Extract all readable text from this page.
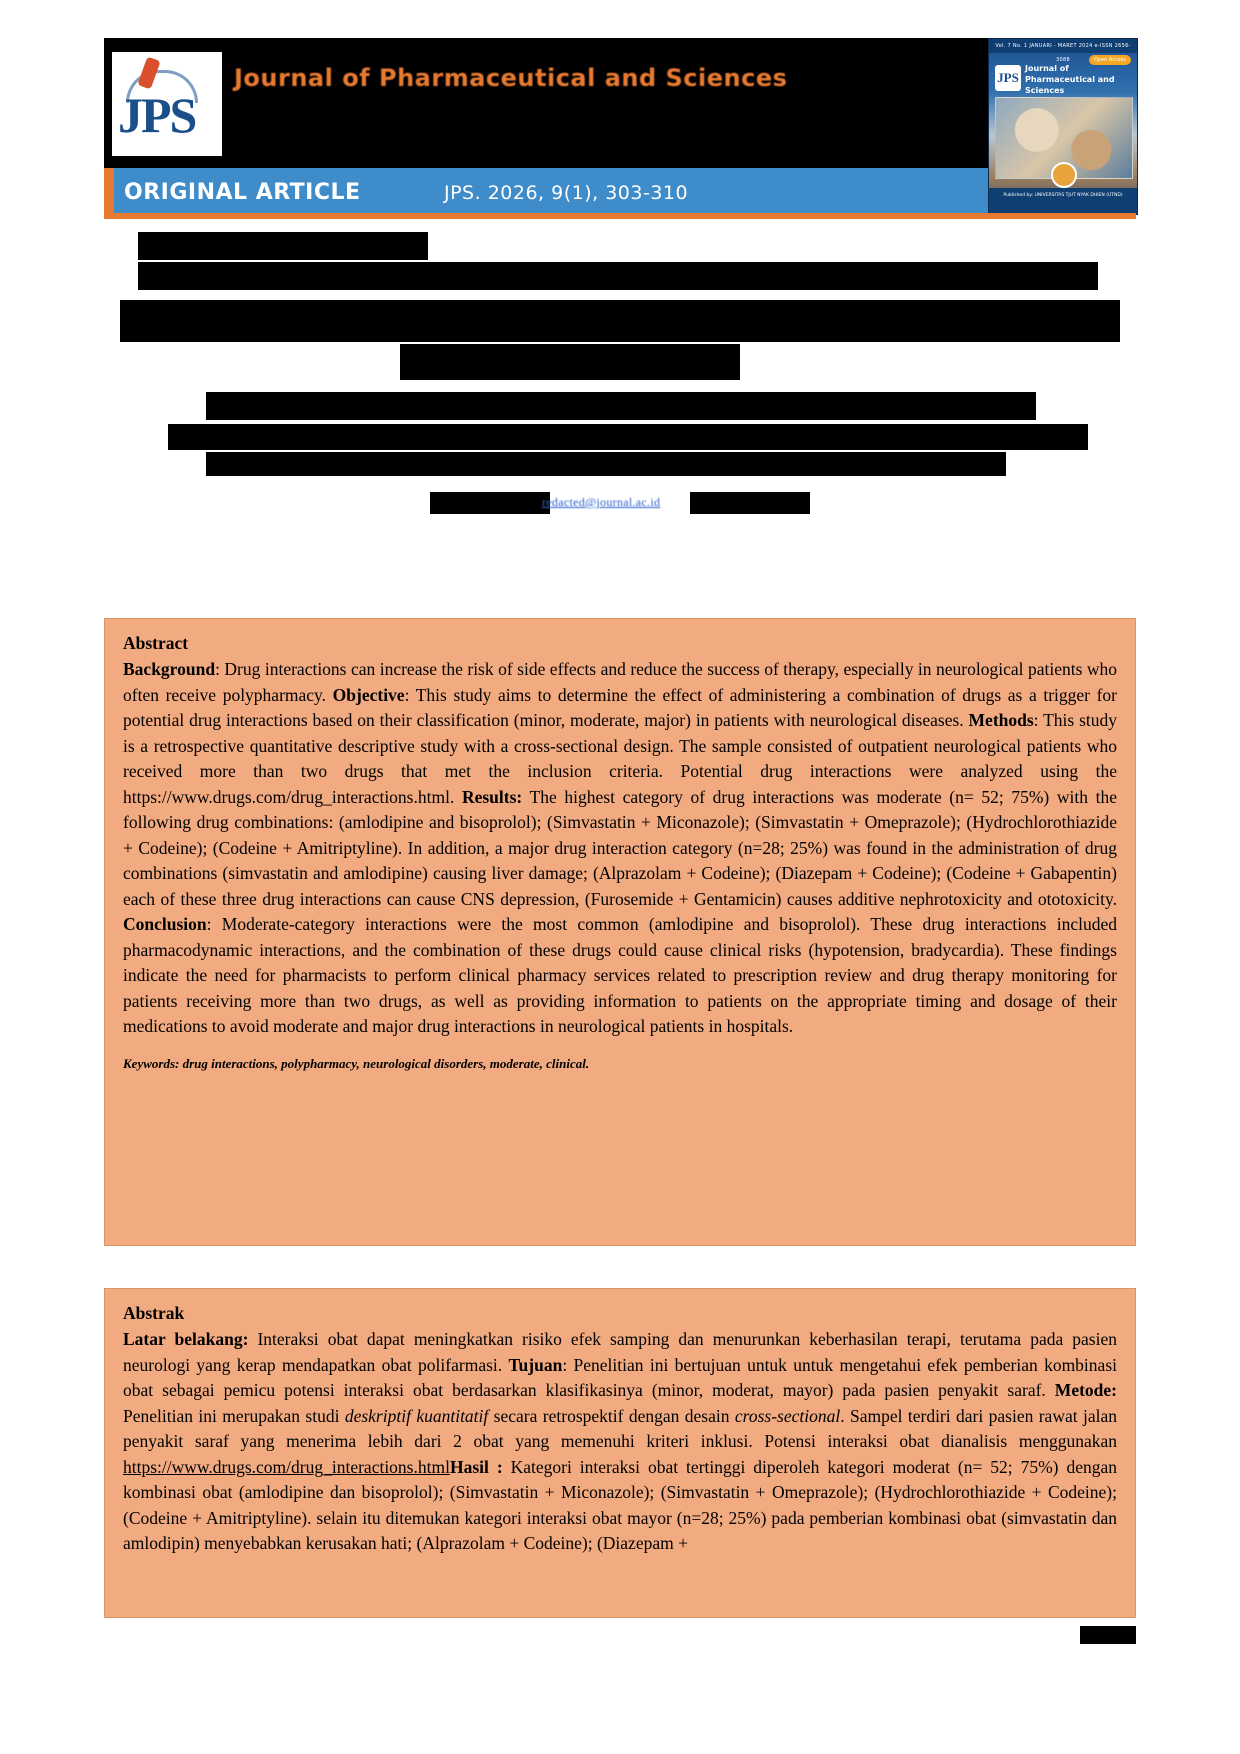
JPS
Journal of Pharmaceutical and Sciences
Vol. 7 No. 1 JANUARI - MARET 2024 e-ISSN 2656-3088	Open Access
JPS
Journal of Pharmaceutical and Sciences
Published by: UNIVERSITAS TJUT NYAK DHIEN (UTND)
ORIGINAL ARTICLE	JPS. 2026, 9(1), 303-310
redacted@journal.ac.id
Abstract

Background: Drug interactions can increase the risk of side effects and reduce the success of therapy, especially in neurological patients who often receive polypharmacy. Objective: This study aims to determine the effect of administering a combination of drugs as a trigger for potential drug interactions based on their classification (minor, moderate, major) in patients with neurological diseases. Methods: This study is a retrospective quantitative descriptive study with a cross-sectional design. The sample consisted of outpatient neurological patients who received more than two drugs that met the inclusion criteria. Potential drug interactions were analyzed using the https://www.drugs.com/drug_interactions.html. Results: The highest category of drug interactions was moderate (n= 52; 75%) with the following drug combinations: (amlodipine and bisoprolol); (Simvastatin + Miconazole); (Simvastatin + Omeprazole); (Hydrochlorothiazide + Codeine); (Codeine + Amitriptyline). In addition, a major drug interaction category (n=28; 25%) was found in the administration of drug combinations (simvastatin and amlodipine) causing liver damage; (Alprazolam + Codeine); (Diazepam + Codeine); (Codeine + Gabapentin) each of these three drug interactions can cause CNS depression, (Furosemide + Gentamicin) causes additive nephrotoxicity and ototoxicity. Conclusion: Moderate-category interactions were the most common (amlodipine and bisoprolol). These drug interactions included pharmacodynamic interactions, and the combination of these drugs could cause clinical risks (hypotension, bradycardia). These findings indicate the need for pharmacists to perform clinical pharmacy services related to prescription review and drug therapy monitoring for patients receiving more than two drugs, as well as providing information to patients on the appropriate timing and dosage of their medications to avoid moderate and major drug interactions in neurological patients in hospitals.

Keywords: drug interactions, polypharmacy, neurological disorders, moderate, clinical.
Abstrak

Latar belakang: Interaksi obat dapat meningkatkan risiko efek samping dan menurunkan keberhasilan terapi, terutama pada pasien neurologi yang kerap mendapatkan obat polifarmasi. Tujuan: Penelitian ini bertujuan untuk untuk mengetahui efek pemberian kombinasi obat sebagai pemicu potensi interaksi obat berdasarkan klasifikasinya (minor, moderat, mayor) pada pasien penyakit saraf. Metode: Penelitian ini merupakan studi deskriptif kuantitatif secara retrospektif dengan desain cross-sectional. Sampel terdiri dari pasien rawat jalan penyakit saraf yang menerima lebih dari 2 obat yang memenuhi kriteri inklusi. Potensi interaksi obat dianalisis menggunakan https://www.drugs.com/drug_interactions.htmlHasil : Kategori interaksi obat tertinggi diperoleh kategori moderat (n= 52; 75%) dengan kombinasi obat (amlodipine dan bisoprolol); (Simvastatin + Miconazole); (Simvastatin + Omeprazole); (Hydrochlorothiazide + Codeine); (Codeine + Amitriptyline). selain itu ditemukan kategori interaksi obat mayor (n=28; 25%) pada pemberian kombinasi obat (simvastatin dan amlodipin) menyebabkan kerusakan hati; (Alprazolam + Codeine); (Diazepam +
